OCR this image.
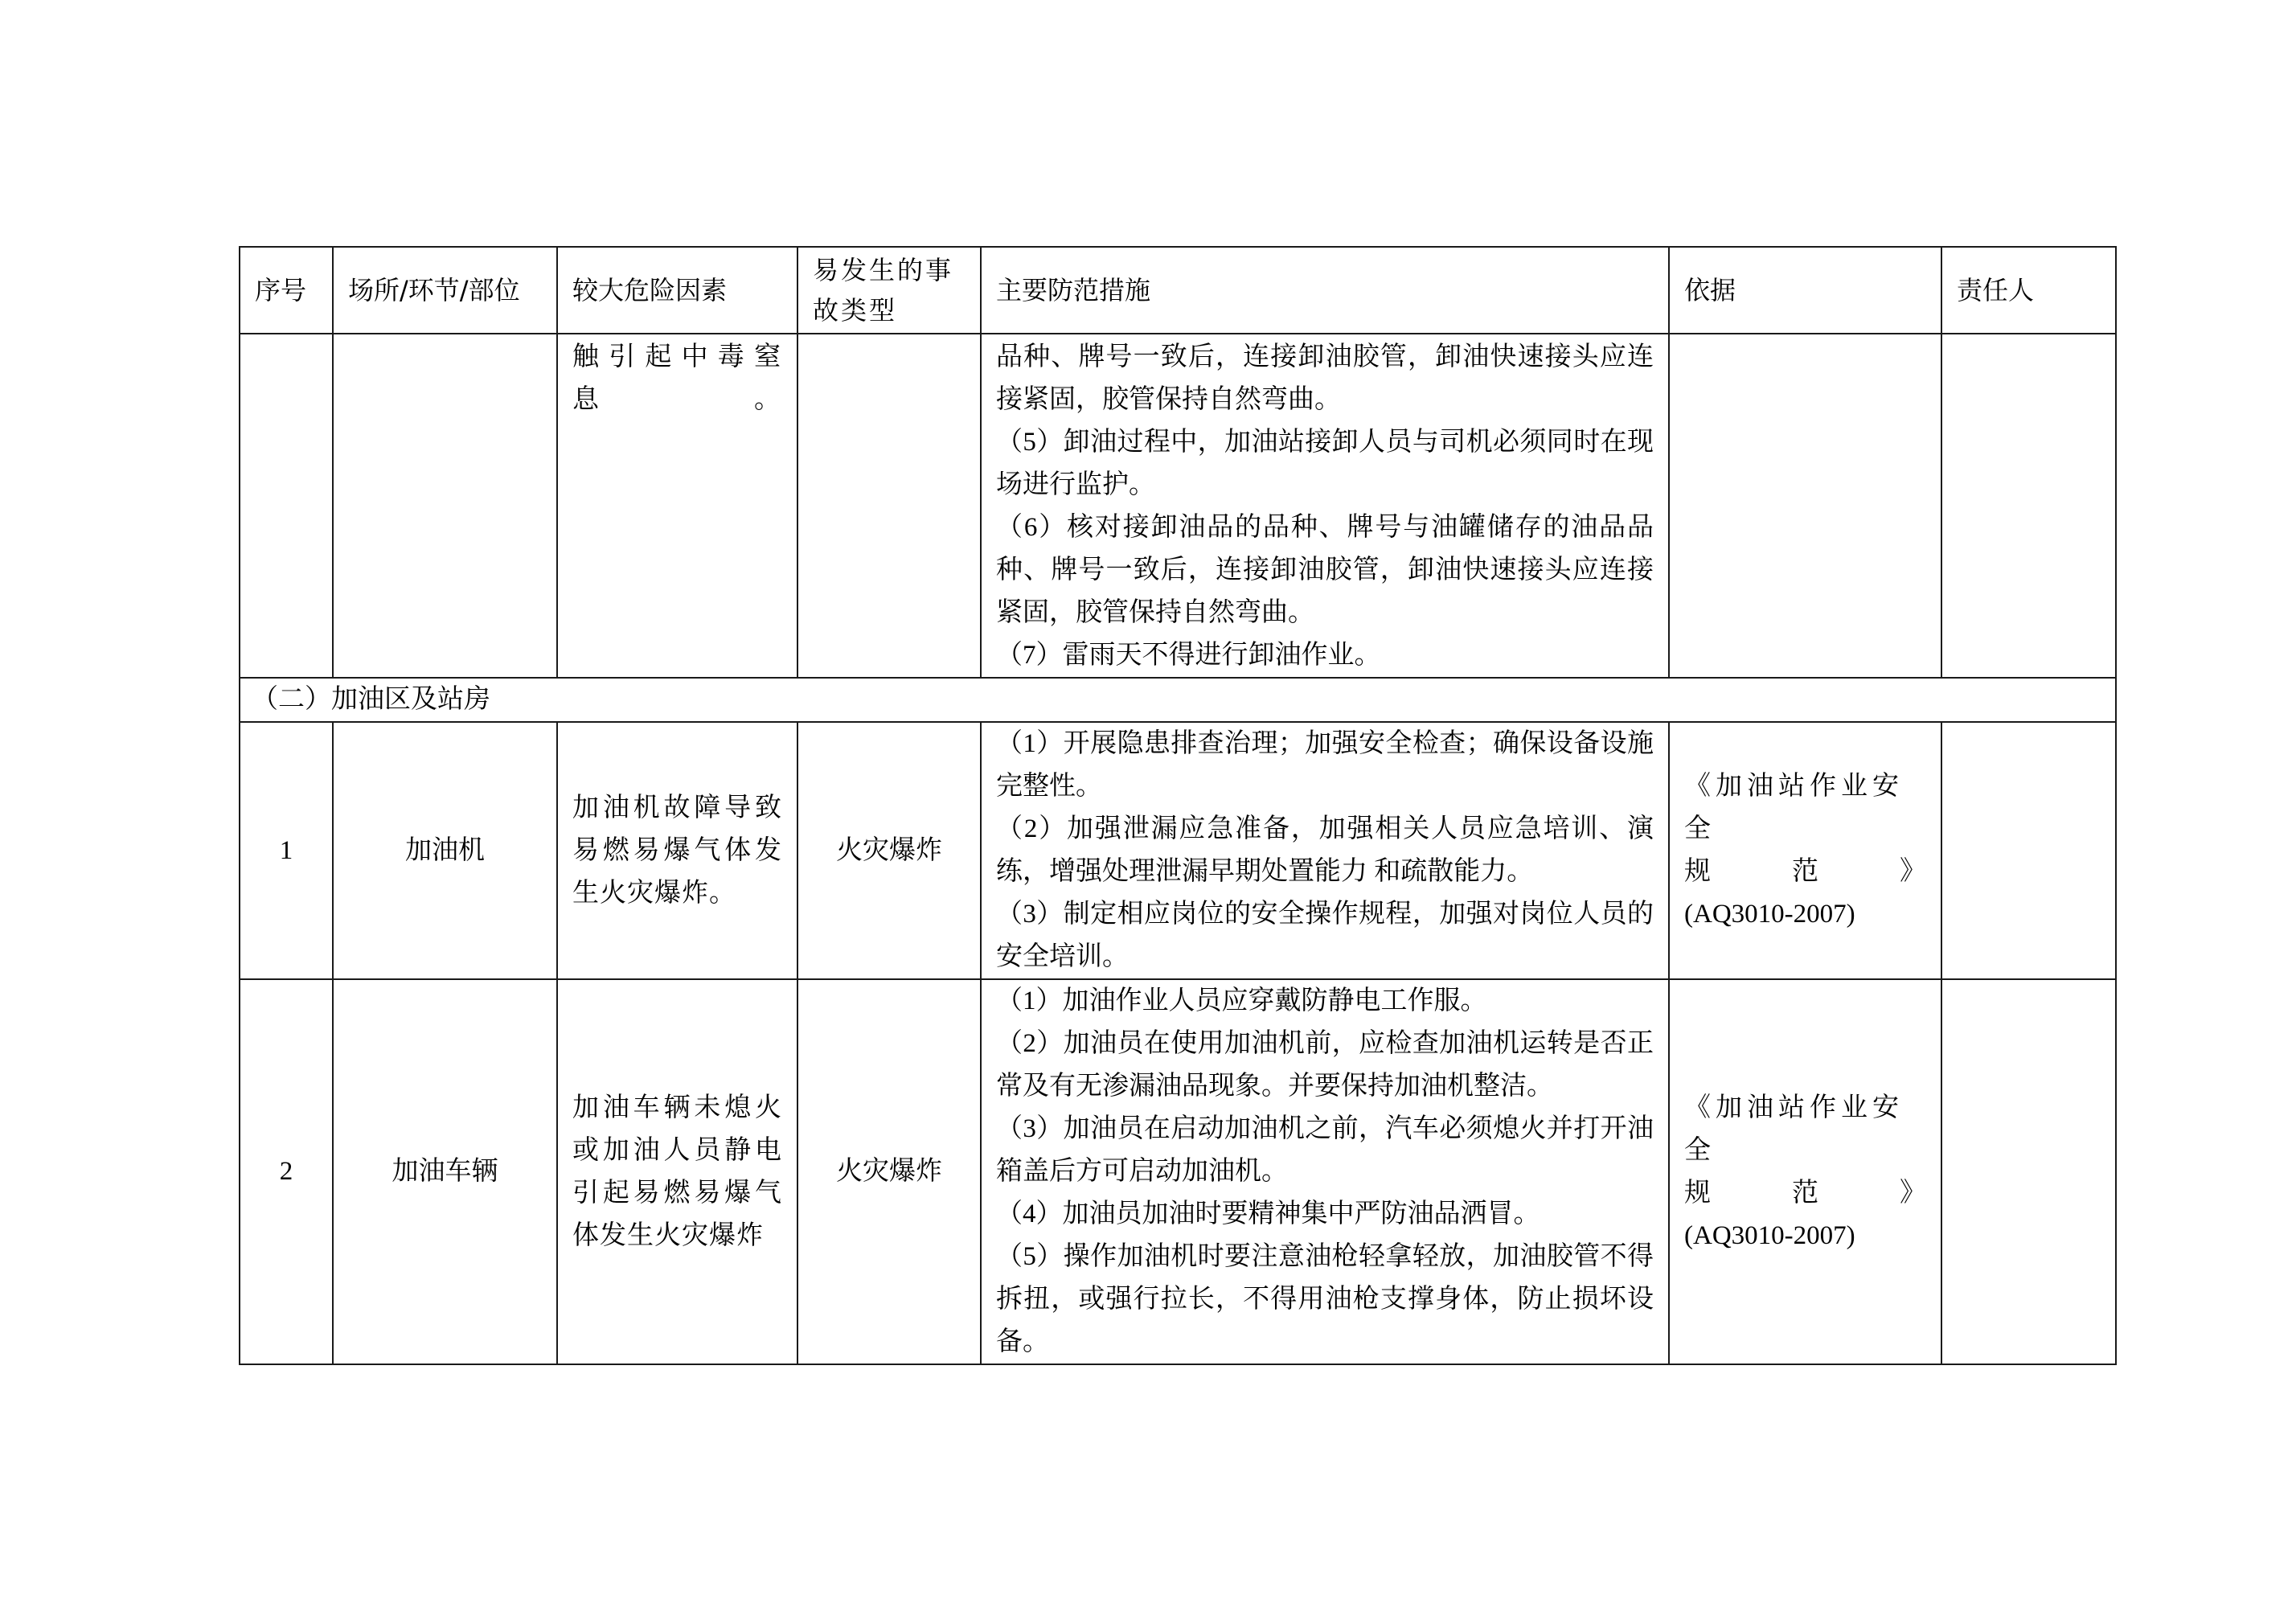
序号	场所/环节/部位	较大危险因素	易发生的事故类型	主要防范措施	依据	责任人
		触引起中毒窒息。		品种、牌号一致后，连接卸油胶管，卸油快速接头应连接紧固，胶管保持自然弯曲。
（5）卸油过程中，加油站接卸人员与司机必须同时在现场进行监护。
（6）核对接卸油品的品种、牌号与油罐储存的油品品种、牌号一致后，连接卸油胶管，卸油快速接头应连接紧固，胶管保持自然弯曲。
（7）雷雨天不得进行卸油作业。		

（二）加油区及站房						
1	加油机	加油机故障导致易燃易爆气体发生火灾爆炸。	火灾爆炸	（1）开展隐患排查治理；加强安全检查；确保设备设施完整性。
（2）加强泄漏应急准备，加强相关人员应急培训、演练，增强处理泄漏早期处置能力 和疏散能力。
（3）制定相应岗位的安全操作规程，加强对岗位人员的安全培训。	《加油站作业安全
规　　　范　　　》
(AQ3010-2007)	

2	加油车辆	加油车辆未熄火或加油人员静电引起易燃易爆气体发生火灾爆炸	火灾爆炸	（1）加油作业人员应穿戴防静电工作服。
（2）加油员在使用加油机前，应检查加油机运转是否正常及有无渗漏油品现象。并要保持加油机整洁。
（3）加油员在启动加油机之前，汽车必须熄火并打开油箱盖后方可启动加油机。
（4）加油员加油时要精神集中严防油品洒冒。
（5）操作加油机时要注意油枪轻拿轻放，加油胶管不得拆扭，或强行拉长，不得用油枪支撑身体，防止损坏设备。	《加油站作业安全
规　　　范　　　》
(AQ3010-2007)	
